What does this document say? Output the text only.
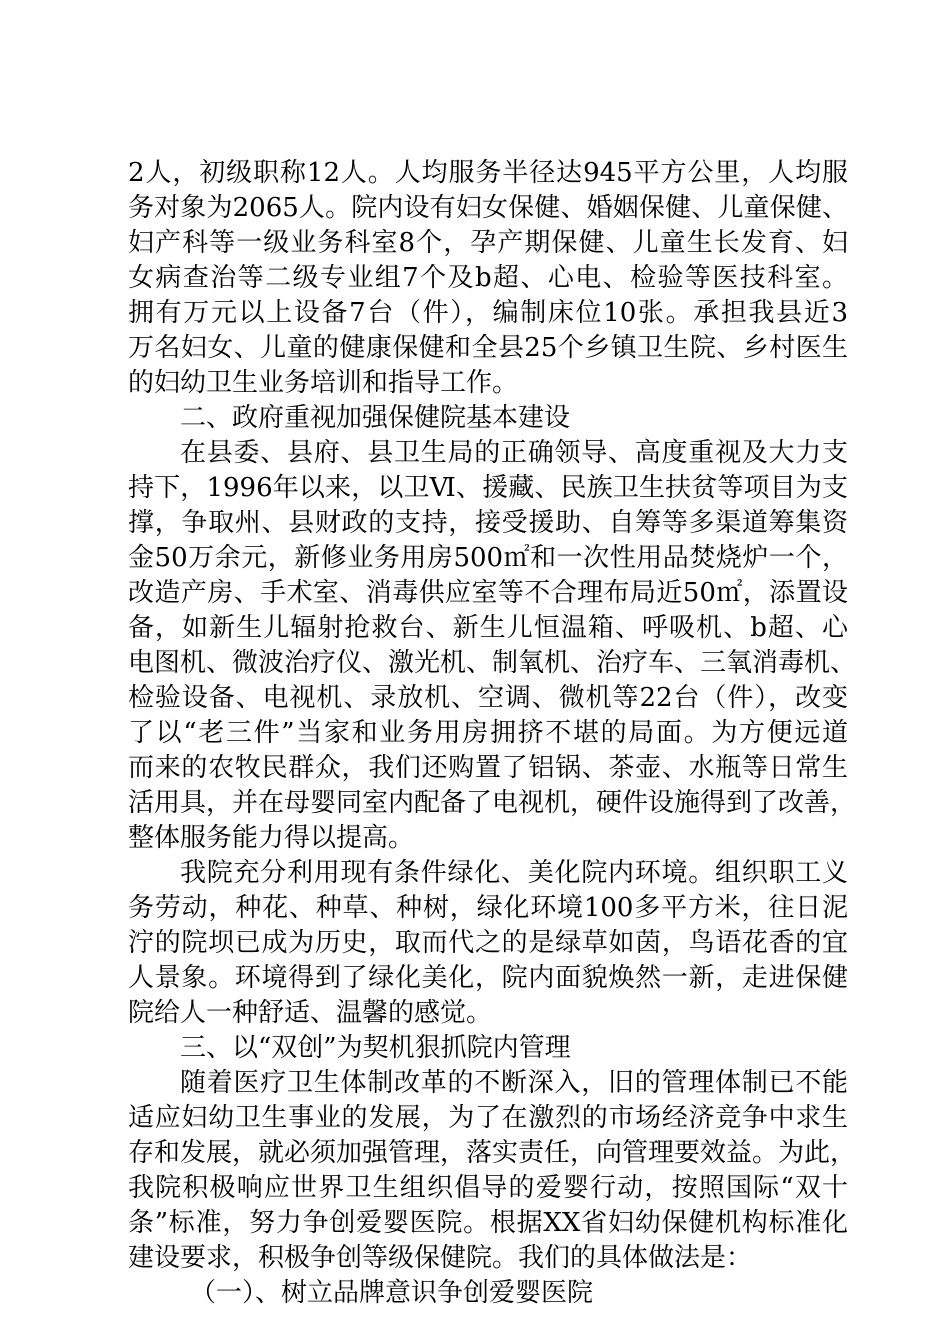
2人，初级职称12人。人均服务半径达945平方公里，人均服
务对象为2065人。院内设有妇女保健、婚姻保健、儿童保健、
妇产科等一级业务科室8个，孕产期保健、儿童生长发育、妇
女病查治等二级专业组7个及b超、心电、检验等医技科室。
拥有万元以上设备7台（件），编制床位10张。承担我县近3
万名妇女、儿童的健康保健和全县25个乡镇卫生院、乡村医生
的妇幼卫生业务培训和指导工作。
二、政府重视加强保健院基本建设
在县委、县府、县卫生局的正确领导、高度重视及大力支
持下，1996年以来，以卫Ⅵ、援藏、民族卫生扶贫等项目为支
撑，争取州、县财政的支持，接受援助、自筹等多渠道筹集资
金50万余元，新修业务用房500㎡和一次性用品焚烧炉一个，
改造产房、手术室、消毒供应室等不合理布局近50㎡，添置设
备，如新生儿辐射抢救台、新生儿恒温箱、呼吸机、b超、心
电图机、微波治疗仪、激光机、制氧机、治疗车、三氧消毒机、
检验设备、电视机、录放机、空调、微机等22台（件），改变
了以“老三件”当家和业务用房拥挤不堪的局面。为方便远道
而来的农牧民群众，我们还购置了铝锅、茶壶、水瓶等日常生
活用具，并在母婴同室内配备了电视机，硬件设施得到了改善，
整体服务能力得以提高。
我院充分利用现有条件绿化、美化院内环境。组织职工义
务劳动，种花、种草、种树，绿化环境100多平方米，往日泥
泞的院坝已成为历史，取而代之的是绿草如茵，鸟语花香的宜
人景象。环境得到了绿化美化，院内面貌焕然一新，走进保健
院给人一种舒适、温馨的感觉。
三、以“双创”为契机狠抓院内管理
随着医疗卫生体制改革的不断深入，旧的管理体制已不能
适应妇幼卫生事业的发展，为了在激烈的市场经济竞争中求生
存和发展，就必须加强管理，落实责任，向管理要效益。为此，
我院积极响应世界卫生组织倡导的爱婴行动，按照国际“双十
条”标准，努力争创爱婴医院。根据XX省妇幼保健机构标准化
建设要求，积极争创等级保健院。我们的具体做法是：
（一）、树立品牌意识争创爱婴医院
